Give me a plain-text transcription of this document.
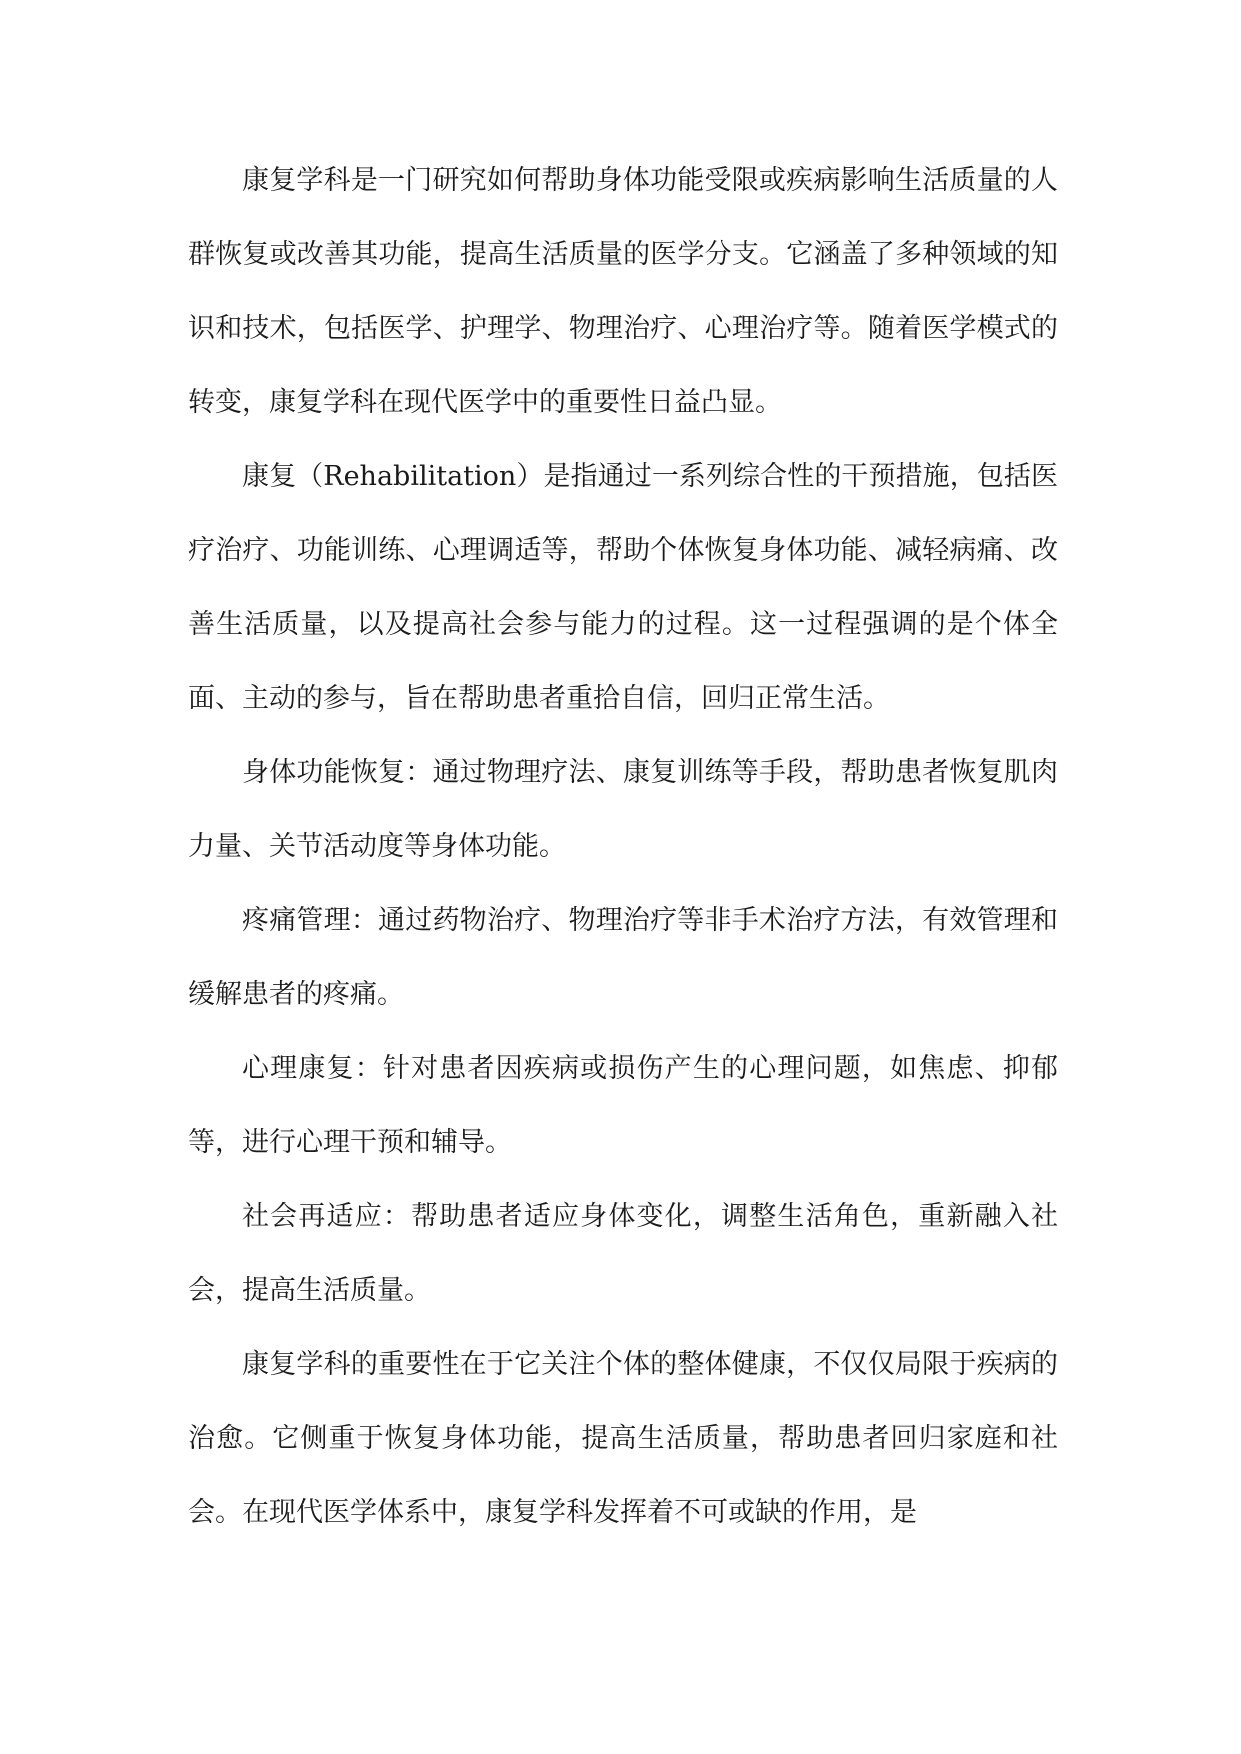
康复学科是一门研究如何帮助身体功能受限或疾病影响生活质量的人群恢复或改善其功能，提高生活质量的医学分支。它涵盖了多种领域的知识和技术，包括医学、护理学、物理治疗、心理治疗等。随着医学模式的转变，康复学科在现代医学中的重要性日益凸显。

康复（Rehabilitation）是指通过一系列综合性的干预措施，包括医疗治疗、功能训练、心理调适等，帮助个体恢复身体功能、减轻病痛、改善生活质量，以及提高社会参与能力的过程。这一过程强调的是个体全面、主动的参与，旨在帮助患者重拾自信，回归正常生活。

身体功能恢复：通过物理疗法、康复训练等手段，帮助患者恢复肌肉力量、关节活动度等身体功能。

疼痛管理：通过药物治疗、物理治疗等非手术治疗方法，有效管理和缓解患者的疼痛。

心理康复：针对患者因疾病或损伤产生的心理问题，如焦虑、抑郁等，进行心理干预和辅导。

社会再适应：帮助患者适应身体变化，调整生活角色，重新融入社会，提高生活质量。

康复学科的重要性在于它关注个体的整体健康，不仅仅局限于疾病的治愈。它侧重于恢复身体功能，提高生活质量，帮助患者回归家庭和社会。在现代医学体系中，康复学科发挥着不可或缺的作用，是
